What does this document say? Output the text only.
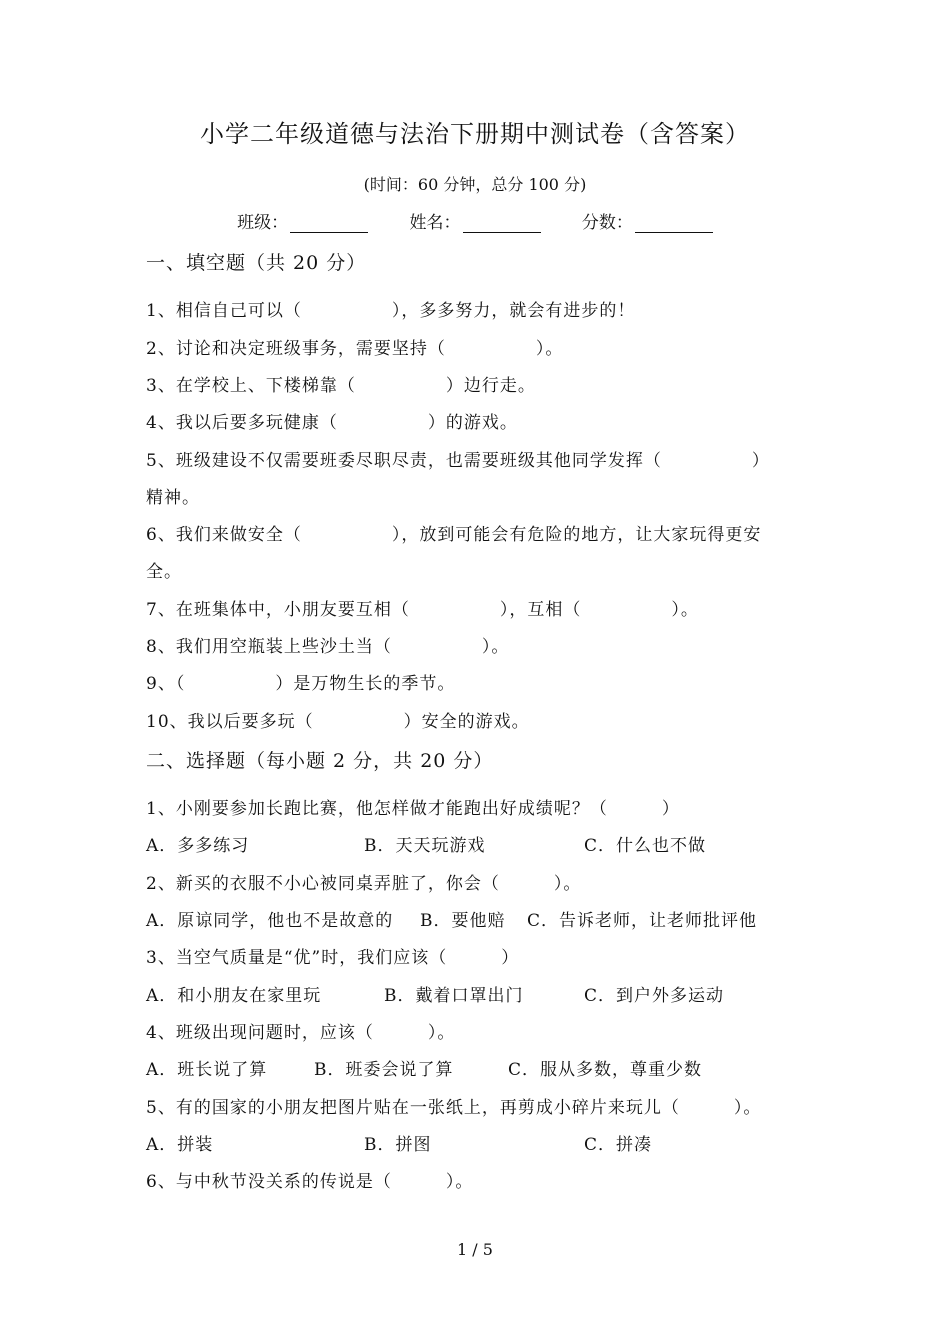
小学二年级道德与法治下册期中测试卷（含答案）
(时间：60 分钟，总分 100 分)
班级：	姓名：	分数：
一、填空题（共 20 分）
1、相信自己可以（　　　　　），多多努力，就会有进步的！
2、讨论和决定班级事务，需要坚持（　　　　　）。
3、在学校上、下楼梯靠（　　　　　）边行走。
4、我以后要多玩健康（　　　　　）的游戏。
5、班级建设不仅需要班委尽职尽责，也需要班级其他同学发挥（　　　　　）
精神。
6、我们来做安全（　　　　　），放到可能会有危险的地方，让大家玩得更安
全。
7、在班集体中，小朋友要互相（　　　　　），互相（　　　　　）。
8、我们用空瓶装上些沙土当（　　　　　）。
9、（　　　　　）是万物生长的季节。
10、我以后要多玩（　　　　　）安全的游戏。
二、选择题（每小题 2 分，共 20 分）
1、小刚要参加长跑比赛，他怎样做才能跑出好成绩呢？（　　　）
A．多多练习	B．天天玩游戏	C．什么也不做
2、新买的衣服不小心被同桌弄脏了，你会（　　　）。
A．原谅同学，他也不是故意的 B．要他赔 C．告诉老师，让老师批评他
3、当空气质量是“优”时，我们应该（　　　）
A．和小朋友在家里玩	B．戴着口罩出门	C．到户外多运动
4、班级出现问题时，应该（　　　）。
A．班长说了算	B．班委会说了算	C．服从多数，尊重少数
5、有的国家的小朋友把图片贴在一张纸上，再剪成小碎片来玩儿（　　　）。
A．拼装	B．拼图	C．拼凑
6、与中秋节没关系的传说是（　　　）。
1 / 5
